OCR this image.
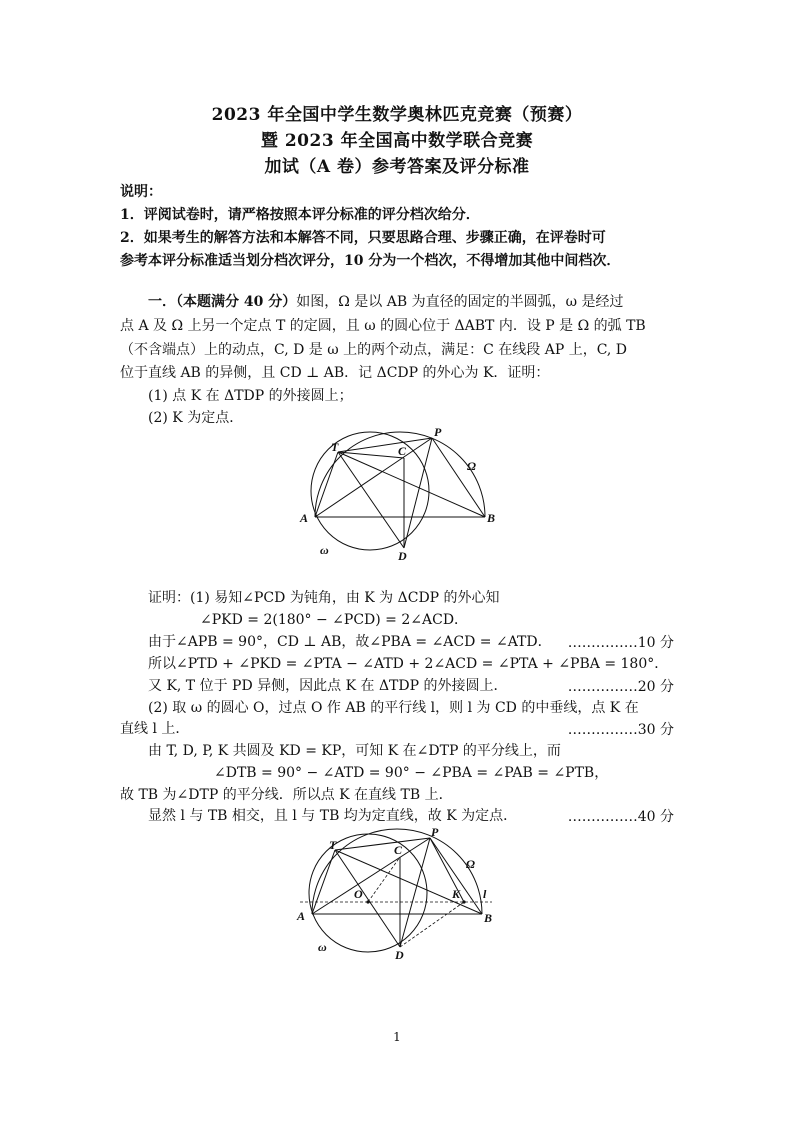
2023 年全国中学生数学奥林匹克竞赛（预赛）
暨 2023 年全国高中数学联合竞赛
加试（A 卷）参考答案及评分标准
说明：
1．评阅试卷时，请严格按照本评分标准的评分档次给分．
2．如果考生的解答方法和本解答不同，只要思路合理、步骤正确，在评卷时可
参考本评分标准适当划分档次评分，10 分为一个档次，不得增加其他中间档次．
一．（本题满分 40 分）如图，Ω 是以 AB 为直径的固定的半圆弧，ω 是经过
点 A 及 Ω 上另一个定点 T 的定圆，且 ω 的圆心位于 ΔABT 内．设 P 是 Ω 的弧 TB
（不含端点）上的动点，C, D 是 ω 上的两个动点，满足：C 在线段 AP 上，C, D
位于直线 AB 的异侧，且 CD ⊥ AB．记 ΔCDP 的外心为 K．证明：
(1) 点 K 在 ΔTDP 的外接圆上；
(2) K 为定点．
T	C
P
Ω
A	B
ω	D
证明：(1) 易知∠PCD 为钝角，由 K 为 ΔCDP 的外心知
∠PKD = 2(180° − ∠PCD) = 2∠ACD．
由于∠APB = 90°，CD ⊥ AB，故∠PBA = ∠ACD = ∠ATD． ……………10 分
所以∠PTD + ∠PKD = ∠PTA − ∠ATD + 2∠ACD = ∠PTA + ∠PBA = 180°．
又 K, T 位于 PD 异侧，因此点 K 在 ΔTDP 的外接圆上．	……………20 分
(2) 取 ω 的圆心 O，过点 O 作 AB 的平行线 l，则 l 为 CD 的中垂线，点 K 在
直线 l 上．	……………30 分
由 T, D, P, K 共圆及 KD = KP，可知 K 在∠DTP 的平分线上，而
∠DTB = 90° − ∠ATD = 90° − ∠PBA = ∠PAB = ∠PTB，
故 TB 为∠DTP 的平分线．所以点 K 在直线 TB 上．
显然 l 与 TB 相交，且 l 与 TB 均为定直线，故 K 为定点．	……………40 分
T	C
P
Ω
O	K l
A	B
ω
D
1
